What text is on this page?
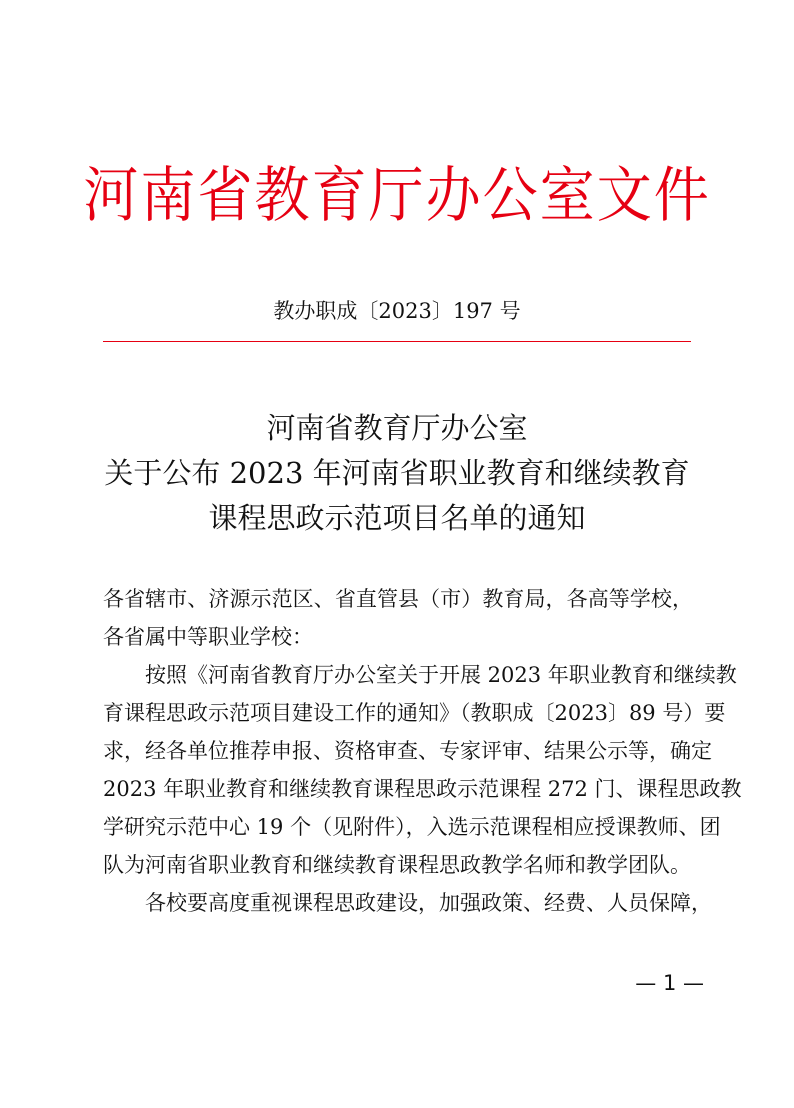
河南省教育厅办公室文件
教办职成〔2023〕197 号
河南省教育厅办公室
关于公布 2023 年河南省职业教育和继续教育
课程思政示范项目名单的通知
各省辖市、济源示范区、省直管县（市）教育局，各高等学校，
各省属中等职业学校：
按照《河南省教育厅办公室关于开展 2023 年职业教育和继续教
育课程思政示范项目建设工作的通知》（教职成〔2023〕89 号）要
求，经各单位推荐申报、资格审查、专家评审、结果公示等，确定
2023 年职业教育和继续教育课程思政示范课程 272 门、课程思政教
学研究示范中心 19 个（见附件），入选示范课程相应授课教师、团
队为河南省职业教育和继续教育课程思政教学名师和教学团队。
各校要高度重视课程思政建设，加强政策、经费、人员保障，
— 1 —
